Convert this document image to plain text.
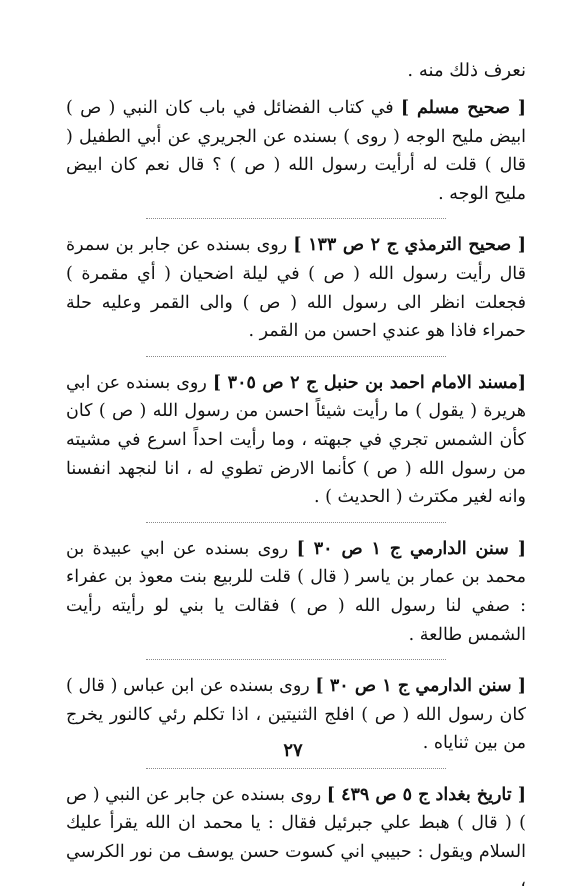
نعرف ذلك منه .

[ صحيح مسلم ] في كتاب الفضائل في باب كان النبي ( ص ) ابيض مليح الوجه ( روى ) بسنده عن الجريري عن أبي الطفيل ( قال ) قلت له أرأيت رسول الله ( ص ) ؟ قال نعم كان ابيض مليح الوجه .

[ صحيح الترمذي ج ٢ ص ١٣٣ ] روى بسنده عن جابر بن سمرة قال رأيت رسول الله ( ص ) في ليلة اضحيان ( أي مقمرة ) فجعلت انظر الى رسول الله ( ص ) والى القمر وعليه حلة حمراء فاذا هو عندي احسن من القمر .

[مسند الامام احمد بن حنبل ج ٢ ص ٣٠٥ ] روى بسنده عن ابي هريرة ( يقول ) ما رأيت شيئاً احسن من رسول الله ( ص ) كان كأن الشمس تجري في جبهته ، وما رأيت احداً اسرع في مشيته من رسول الله ( ص ) كأنما الارض تطوي له ، انا لنجهد انفسنا وانه لغير مكترث ( الحديث ) .

[ سنن الدارمي ج ١ ص ٣٠ ] روى بسنده عن ابي عبيدة بن محمد بن عمار بن ياسر ( قال ) قلت للربيع بنت معوذ بن عفراء : صفي لنا رسول الله ( ص ) فقالت يا بني لو رأيته رأيت الشمس طالعة .

[ سنن الدارمي ج ١ ص ٣٠ ] روى بسنده عن ابن عباس ( قال ) كان رسول الله ( ص ) افلج الثنيتين ، اذا تكلم رئي كالنور يخرج من بين ثناياه .

[ تاريخ بغداد ج ٥ ص ٤٣٩ ] روى بسنده عن جابر عن النبي ( ص ) ( قال ) هبط علي جبرئيل فقال : يا محمد ان الله يقرأ عليك السلام ويقول : حبيبي اني كسوت حسن يوسف من نور الكرسي ،

٢٧
